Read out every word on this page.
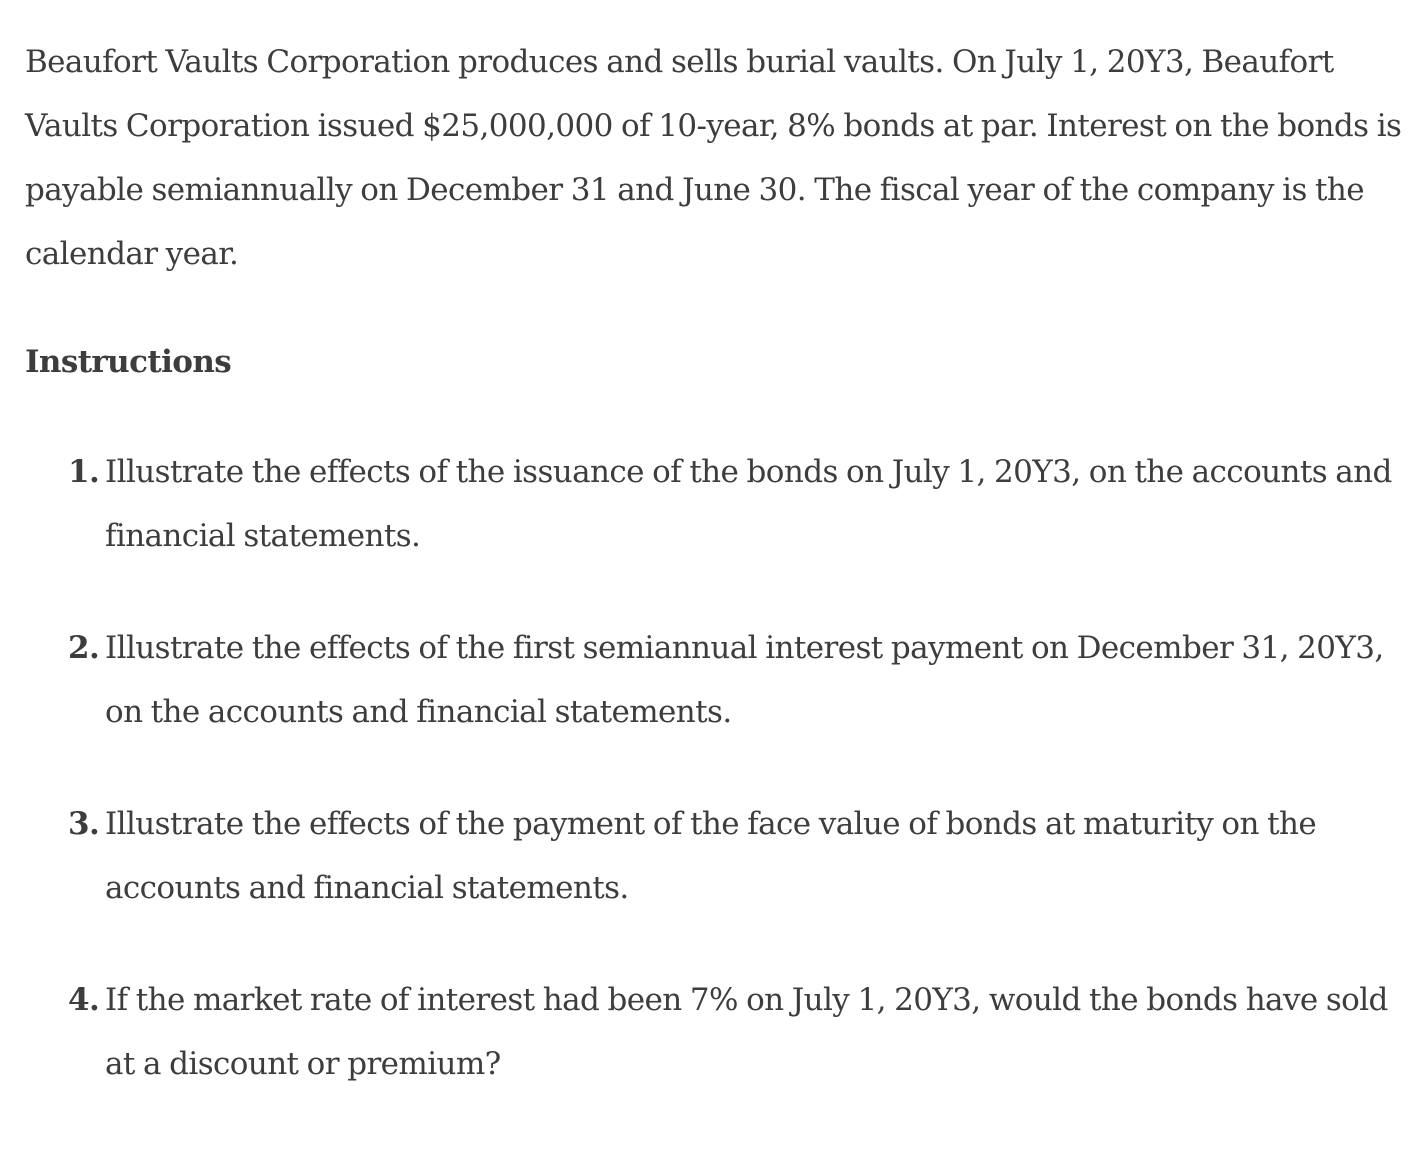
Beaufort Vaults Corporation produces and sells burial vaults. On July 1, 20Y3, Beaufort Vaults Corporation issued $25,000,000 of 10-year, 8% bonds at par. Interest on the bonds is payable semiannually on December 31 and June 30. The fiscal year of the company is the calendar year.

Instructions
1. Illustrate the effects of the issuance of the bonds on July 1, 20Y3, on the accounts and financial statements.
2. Illustrate the effects of the first semiannual interest payment on December 31, 20Y3, on the accounts and financial statements.
3. Illustrate the effects of the payment of the face value of bonds at maturity on the accounts and financial statements.
4. If the market rate of interest had been 7% on July 1, 20Y3, would the bonds have sold at a discount or premium?
